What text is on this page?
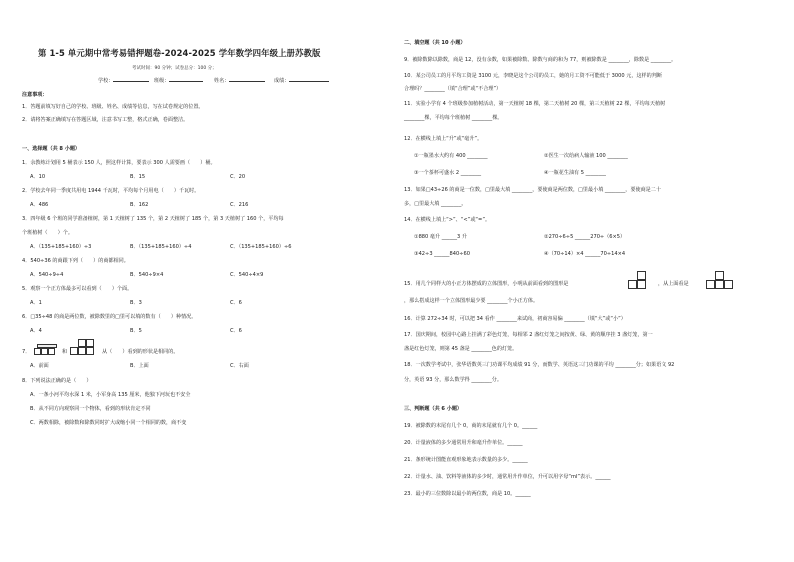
第 1-5 单元期中常考易错押题卷-2024-2025 学年数学四年级上册苏教版
考试时间：90 分钟；试卷总分：100 分；
学校：	班级：	姓名：	成绩：
注意事项：
1．答题前填写好自己的学校、班级、姓名、成绩等信息，写在试卷规定的位置。
2．请将答案正确填写在答题区域，注意书写工整，格式正确，卷面整洁。
一、选择题（共 8 小题）
1．余教练计划用 5 桶表示 150 人，照这样计算，要表示 300 人需要画（　　）桶。
A．10	B．15	C．20
2．学校去年同一季度共用电 1944 千瓦时，平均每个月用电（　　）千瓦时。
A．486	B．162	C．216
3．四年级 6 个班的同学准备植树，第 1 天植树了 135 个，第 2 天植树了 185 个，第 3 天植树了 160 个，平均每
个班植树（　　）个。
A．（135+185+160）÷3	B．（135+185+160）÷4	C．（135+185+160）÷6
4．540÷36 的商跟下列（　　）的商都相同。
A．540÷9÷4	B．540÷9×4	C．540÷4×9
5．观察一个正方体最多可以看到（　　）个面。
A．1	B．3	C．6
6．□35÷48 的商是两位数，被除数里的□里可以填的数有（　　）种情况。
A．4	B．5	C．6
7．	和	从（　　）看到的形状是相同的。
A．前面	B．上面	C．右面
8．下列说法正确的是（　　）
A．一条小河平均水深 1 米，小军身高 135 厘米，他独下河玩也不安全
B．从不同方向观察同一个物体，看到的形状肯定不同
C．两数相除，被除数和除数同时扩大或缩小同一个相同的数，商不变
二、填空题（共 10 小题）
9．被除数除以除数，商是 12，没有余数，如果被除数、除数与商的和为 77，则被除数是 ________，除数是 ________。
10．某公司员工的月平均工资是 3100 元，李晓是这个公司的员工，她的月工资不可能低于 3000 元，这样的判断
合理吗？________（填“合理”或“不合理”）
11．实验小学有 4 个班级参加植树活动，第一天植树 18 棵，第二天植树 20 棵，第三天植树 22 棵，平均每天植树
________棵，平均每个班植树 ________棵。
12．在横线上填上“升”或“毫升”。
①一瓶墨水大约有 400 ________	②医生一次给病人输液 100 ________
③一个茶杯可盛水 2 ________	④一瓶花生油有 5 ________
13．如果□43÷26 的商是一位数，□里最大填 ________，要使商是两位数，□里最小填 ________，要使商是二十
多，□里最大填 ________。
14．在横线上填上“>”、“<”或“=”。
①880 毫升 ______3 升	②270÷6÷5 ______270÷（6×5）
③42÷3 ______840÷60	④（70÷14）×4 ______70÷14×4
15．用几个同样大的小正方体摆成的立体图形，小明从前面看到的图形是	，从上面看是
，那么搭成这样一个立体图形最少要 ________个小正方体。
16．计算 272÷34 时，可以把 34 看作 ________来试商，初商容易偏 ________（填“大”或“小”）
17．国庆期间，校园中心路上挂满了彩色灯笼，每相邻 2 盏红灯笼之间按黄、绿、黄的顺序挂 3 盏灯笼，第一
盏是红色灯笼，则第 45 盏是 ________色的灯笼。
18．一次数学考试中，张华语数英三门功课平均成绩 91 分，而数学、英语这三门功课的平均 ________分；如果语文 92
分，英语 93 分，那么数学得 ________分。
三、判断题（共 6 小题）
19．被除数的末尾有几个 0，商的末尾就有几个 0。______
20．计量液体的多少通常用升和毫升作单位。______
21．条形统计图能直观形象地表示数量的多少。______
22．计量水、油、饮料等液体的多少时，通常用升作单位，升可以用字母“ml”表示。______
23．最小的三位数除以最小的两位数，商是 10。______
